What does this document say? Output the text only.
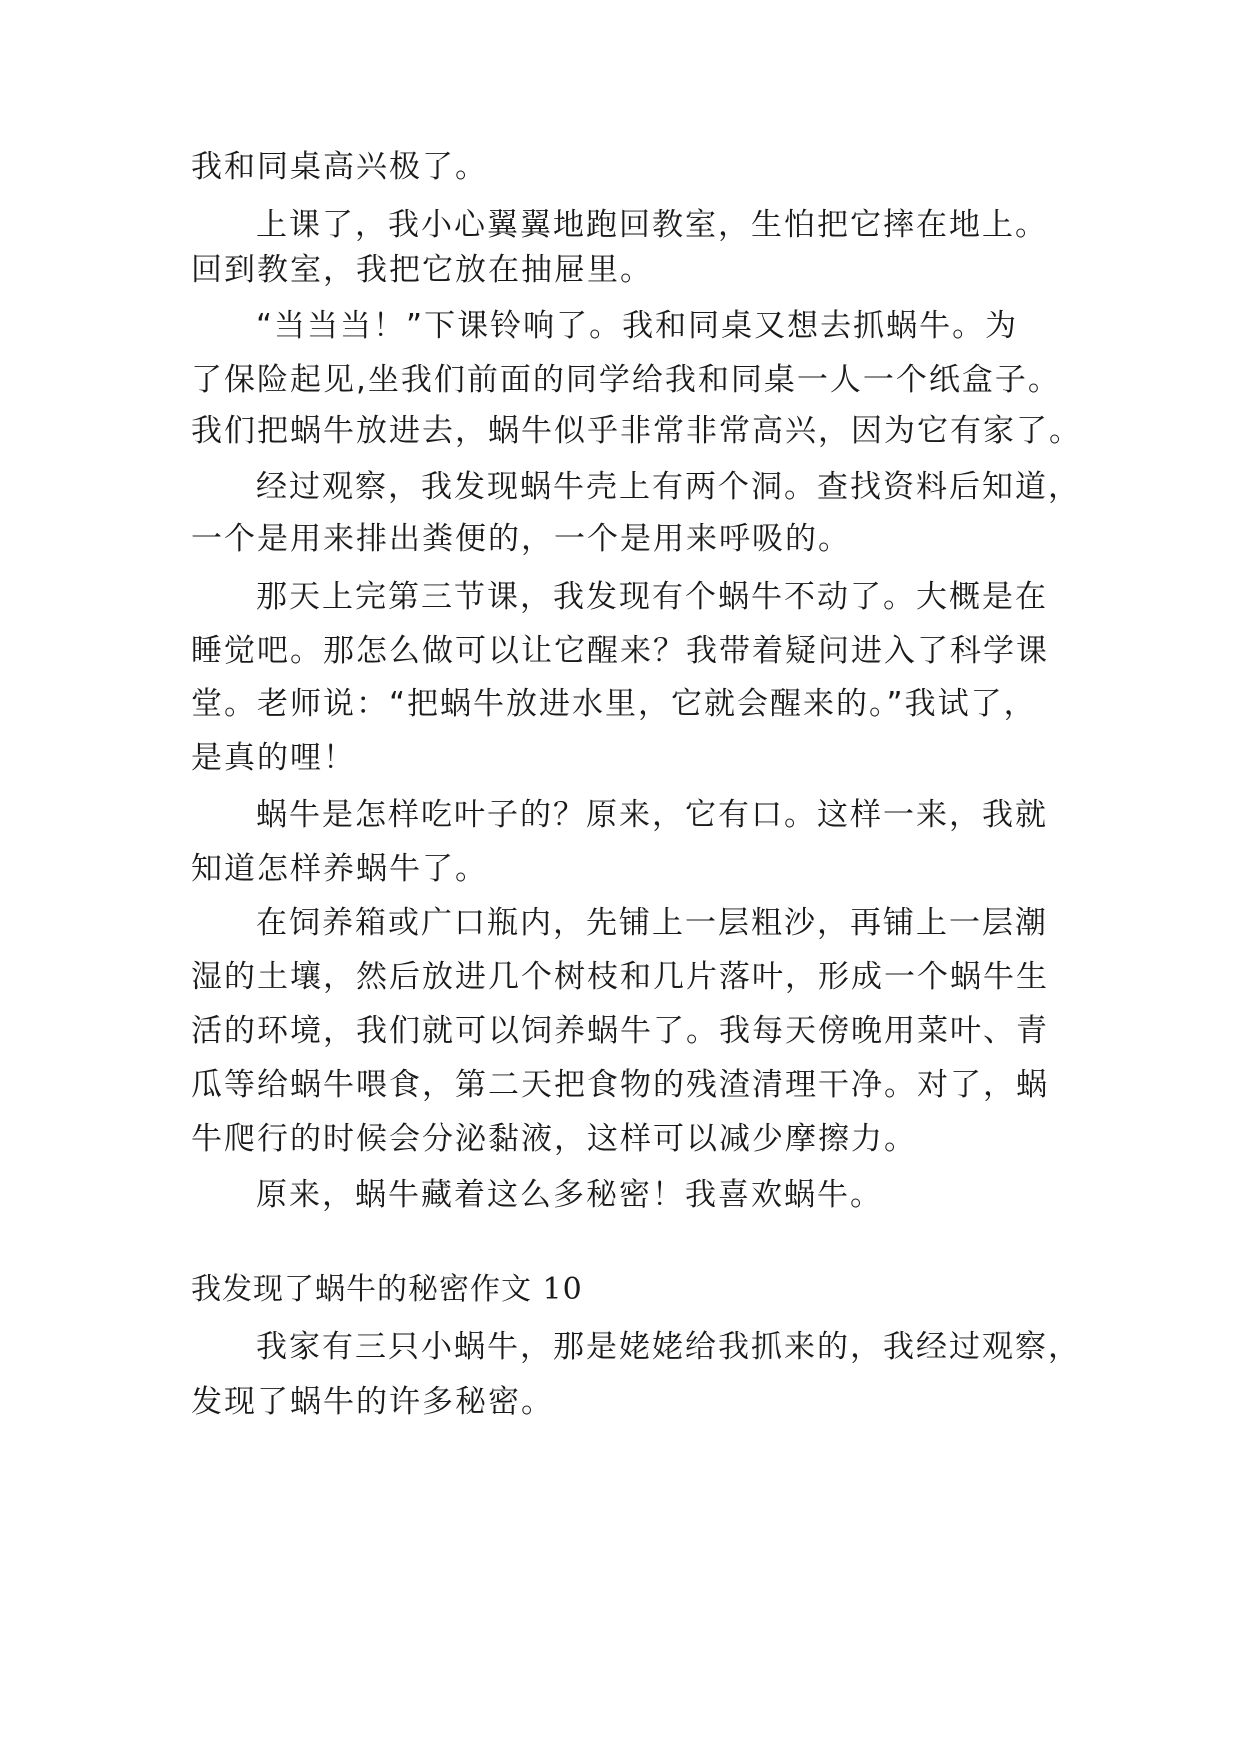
我和同桌高兴极了。
上课了，我小心翼翼地跑回教室，生怕把它摔在地上。
回到教室，我把它放在抽屉里。
“当当当！”下课铃响了。我和同桌又想去抓蜗牛。为
了保险起见,坐我们前面的同学给我和同桌一人一个纸盒子。
我们把蜗牛放进去，蜗牛似乎非常非常高兴，因为它有家了。
经过观察，我发现蜗牛壳上有两个洞。查找资料后知道，
一个是用来排出粪便的，一个是用来呼吸的。
那天上完第三节课，我发现有个蜗牛不动了。大概是在
睡觉吧。那怎么做可以让它醒来？我带着疑问进入了科学课
堂。老师说：“把蜗牛放进水里，它就会醒来的。”我试了，
是真的哩！
蜗牛是怎样吃叶子的？原来，它有口。这样一来，我就
知道怎样养蜗牛了。
在饲养箱或广口瓶内，先铺上一层粗沙，再铺上一层潮
湿的土壤，然后放进几个树枝和几片落叶，形成一个蜗牛生
活的环境，我们就可以饲养蜗牛了。我每天傍晚用菜叶、青
瓜等给蜗牛喂食，第二天把食物的残渣清理干净。对了，蜗
牛爬行的时候会分泌黏液，这样可以减少摩擦力。
原来，蜗牛藏着这么多秘密！我喜欢蜗牛。
我发现了蜗牛的秘密作文 10
我家有三只小蜗牛，那是姥姥给我抓来的，我经过观察，
发现了蜗牛的许多秘密。
